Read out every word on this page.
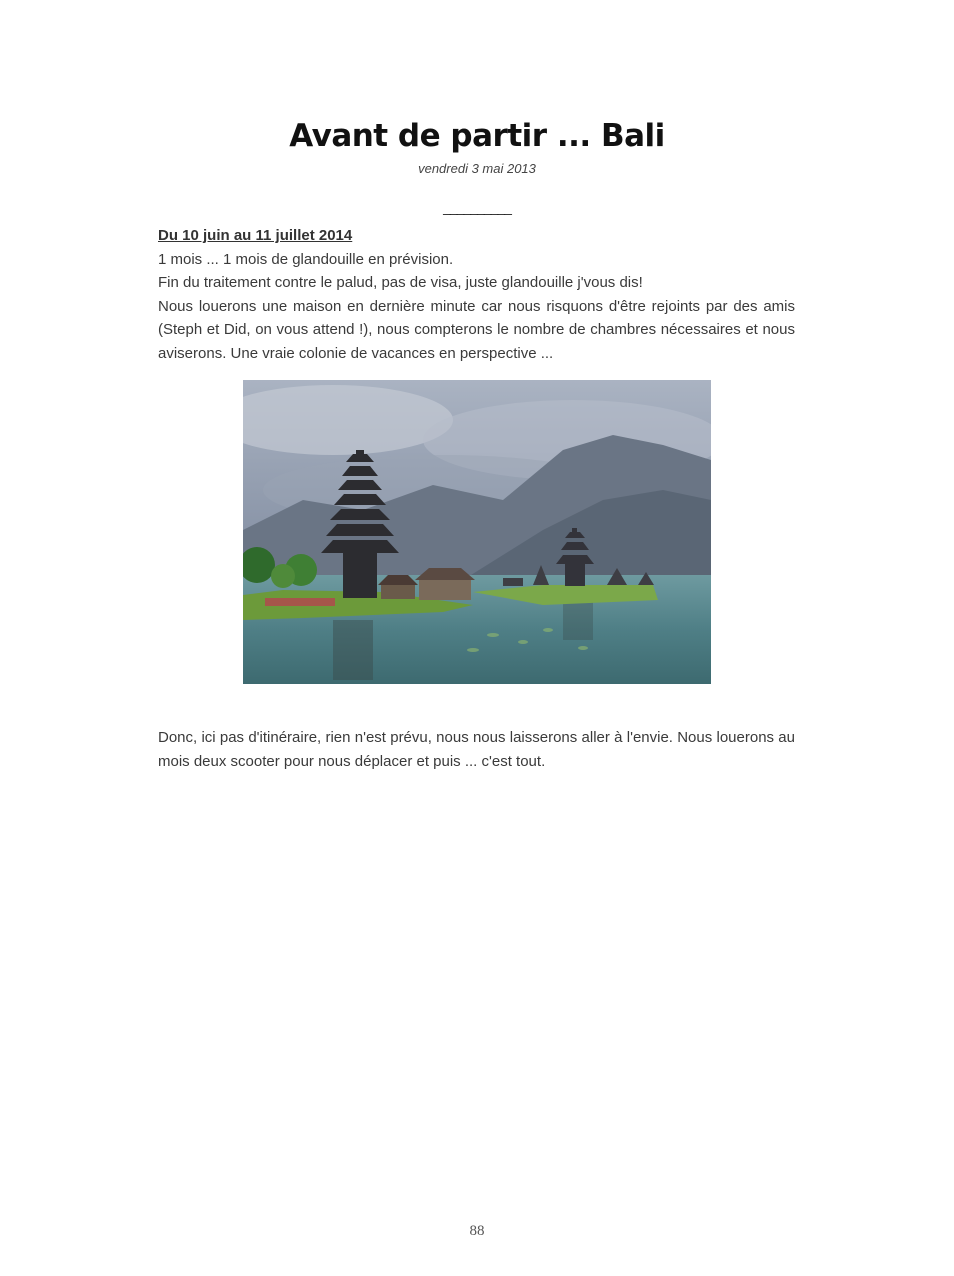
Avant de partir ... Bali
vendredi 3 mai 2013
__________

Du 10 juin au 11 juillet 2014

1 mois ... 1 mois de glandouille en prévision.

Fin du traitement contre le palud, pas de visa, juste glandouille j'vous dis!

Nous louerons une maison en dernière minute car nous risquons d'être rejoints par des amis (Steph et Did, on vous attend !), nous compterons le nombre de chambres nécessaires et nous aviserons. Une vraie colonie de vacances en perspective ...

Donc, ici pas d'itinéraire, rien n'est prévu, nous nous laisserons aller à l'envie. Nous louerons au mois deux scooter pour nous déplacer et puis ... c'est tout.

88
